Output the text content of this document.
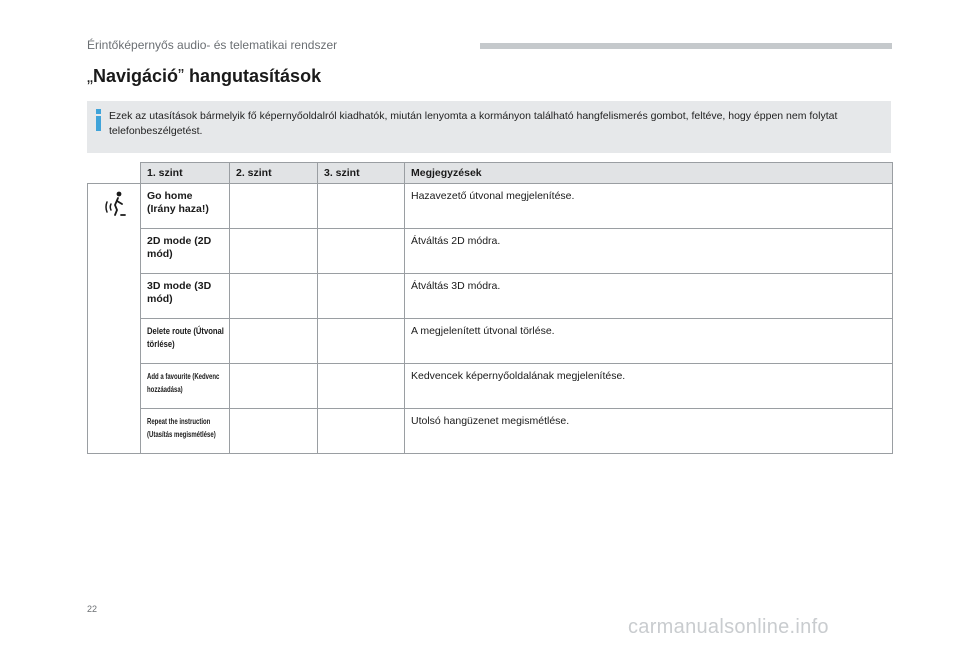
Érintőképernyős audio- és telematikai rendszer
„Navigáció” hangutasítások
Ezek az utasítások bármelyik fő képernyőoldalról kiadhatók, miután lenyomta a kormányon található hangfelismerés gombot, feltéve, hogy éppen nem folytat telefonbeszélgetést.
	1. szint	2. szint	3. szint	Megjegyzések
	Go home (Irány haza!)			Hazavezető útvonal megjelenítése.
	2D mode (2D mód)			Átváltás 2D módra.
	3D mode (3D mód)			Átváltás 3D módra.

	Delete route (Útvonal törlése)			A megjelenített útvonal törlése.

	Add a favourite (Kedvenc hozzáadása)			Kedvencek képernyőoldalának megjelenítése.

	Repeat the instruction (Utasítás megismétlése)			Utolsó hangüzenet megismétlése.
22
carmanualsonline.info
